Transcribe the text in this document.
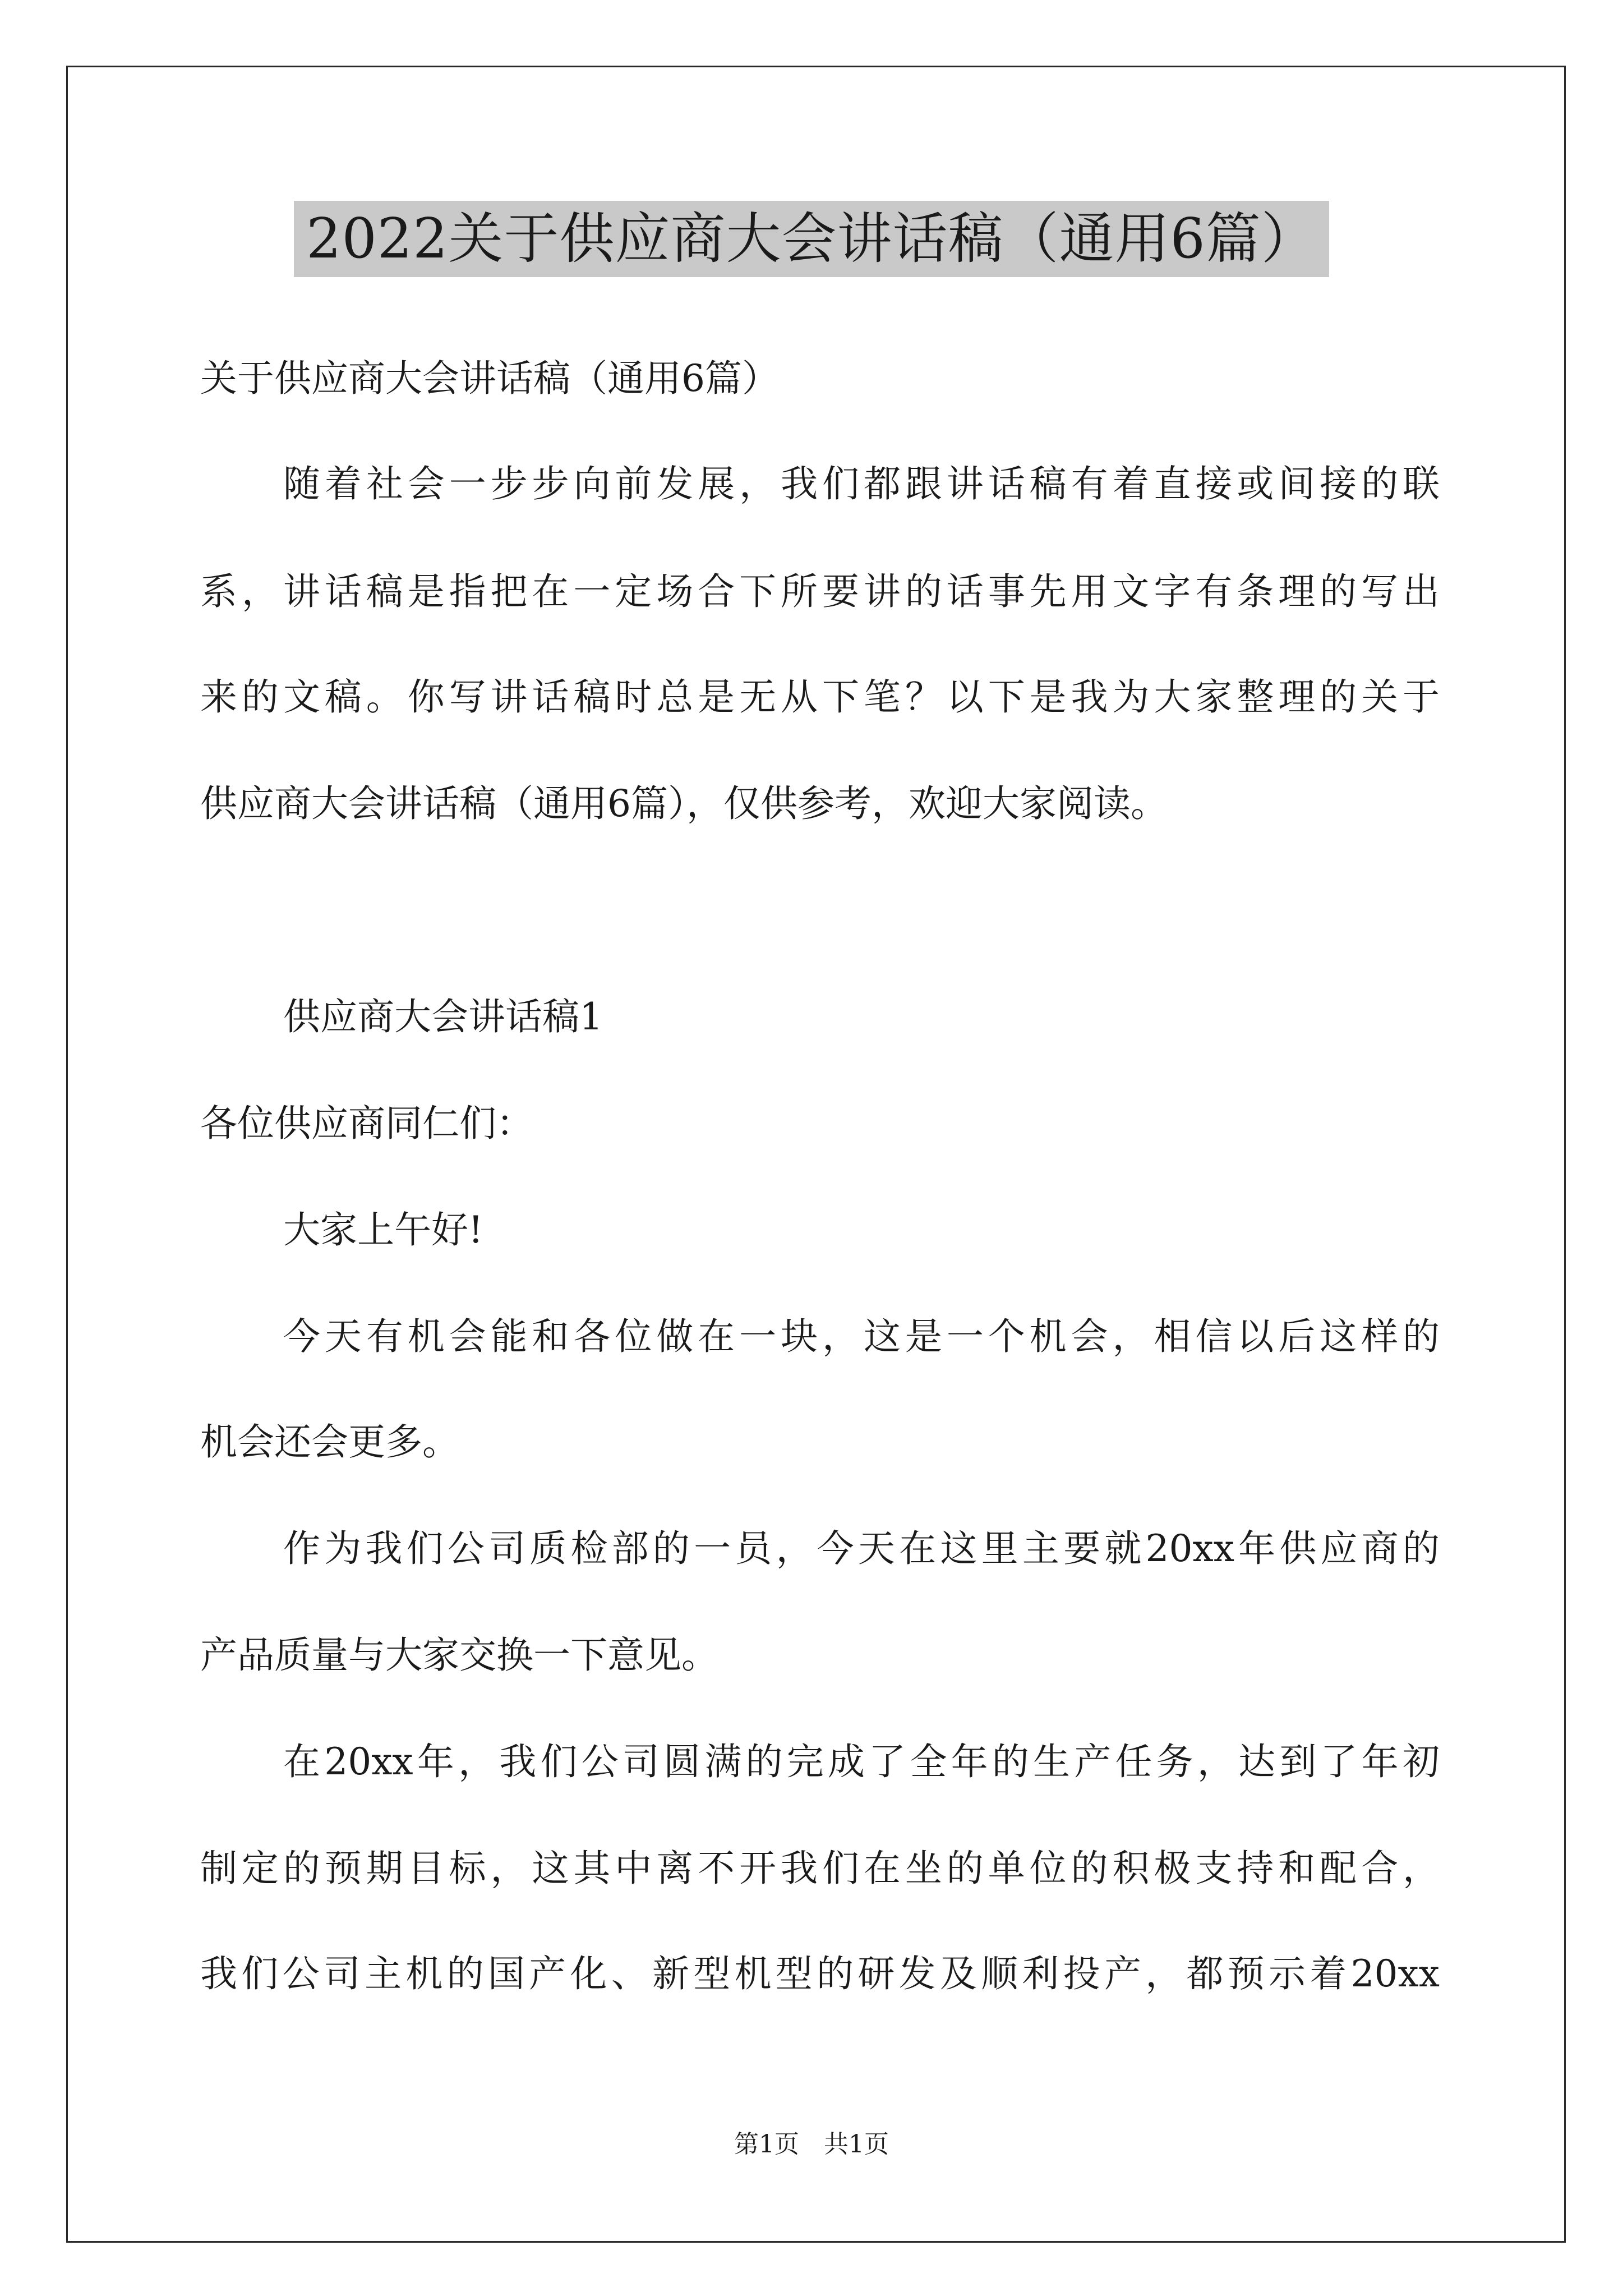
2022关于供应商大会讲话稿（通用6篇）
关于供应商大会讲话稿（通用6篇）
随着社会一步步向前发展，我们都跟讲话稿有着直接或间接的联
系，讲话稿是指把在一定场合下所要讲的话事先用文字有条理的写出
来的文稿。你写讲话稿时总是无从下笔？以下是我为大家整理的关于
供应商大会讲话稿（通用6篇），仅供参考，欢迎大家阅读。
供应商大会讲话稿1
各位供应商同仁们：
大家上午好!
今天有机会能和各位做在一块，这是一个机会，相信以后这样的
机会还会更多。
作为我们公司质检部的一员，今天在这里主要就20xx年供应商的
产品质量与大家交换一下意见。
在20xx年，我们公司圆满的完成了全年的生产任务，达到了年初
制定的预期目标，这其中离不开我们在坐的单位的积极支持和配合，
我们公司主机的国产化、新型机型的研发及顺利投产，都预示着20xx
第1页　共1页
